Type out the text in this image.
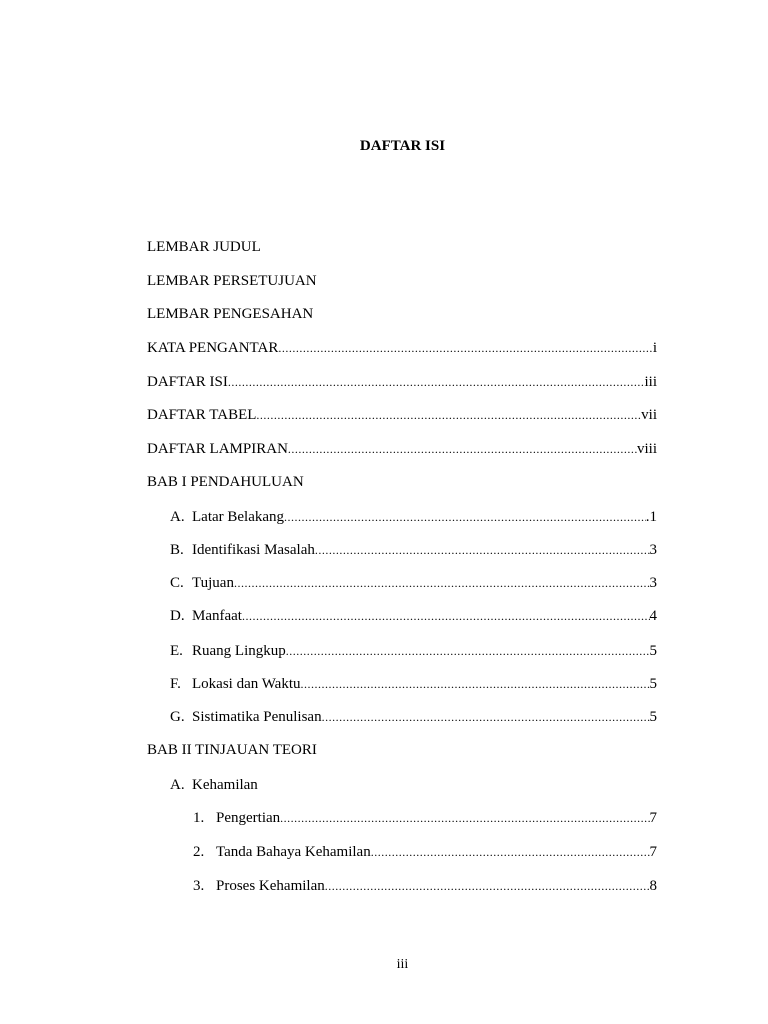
DAFTAR ISI
LEMBAR JUDUL
LEMBAR PERSETUJUAN
LEMBAR PENGESAHAN
KATA PENGANTAR .....	i
DAFTAR ISI .....	iii
DAFTAR TABEL .....	vii
DAFTAR LAMPIRAN .....	viii
BAB I PENDAHULUAN
A. Latar Belakang .....	.1
B. Identifikasi Masalah .....	3
C. Tujuan .....	3
D. Manfaat .....	4
E. Ruang Lingkup .....	5
F. Lokasi dan Waktu .....	5
G. Sistimatika Penulisan .....	5
BAB II TINJAUAN TEORI
A. Kehamilan
1. Pengertian .....	7
2. Tanda Bahaya Kehamilan .....	7
3. Proses Kehamilan .....	8
iii
